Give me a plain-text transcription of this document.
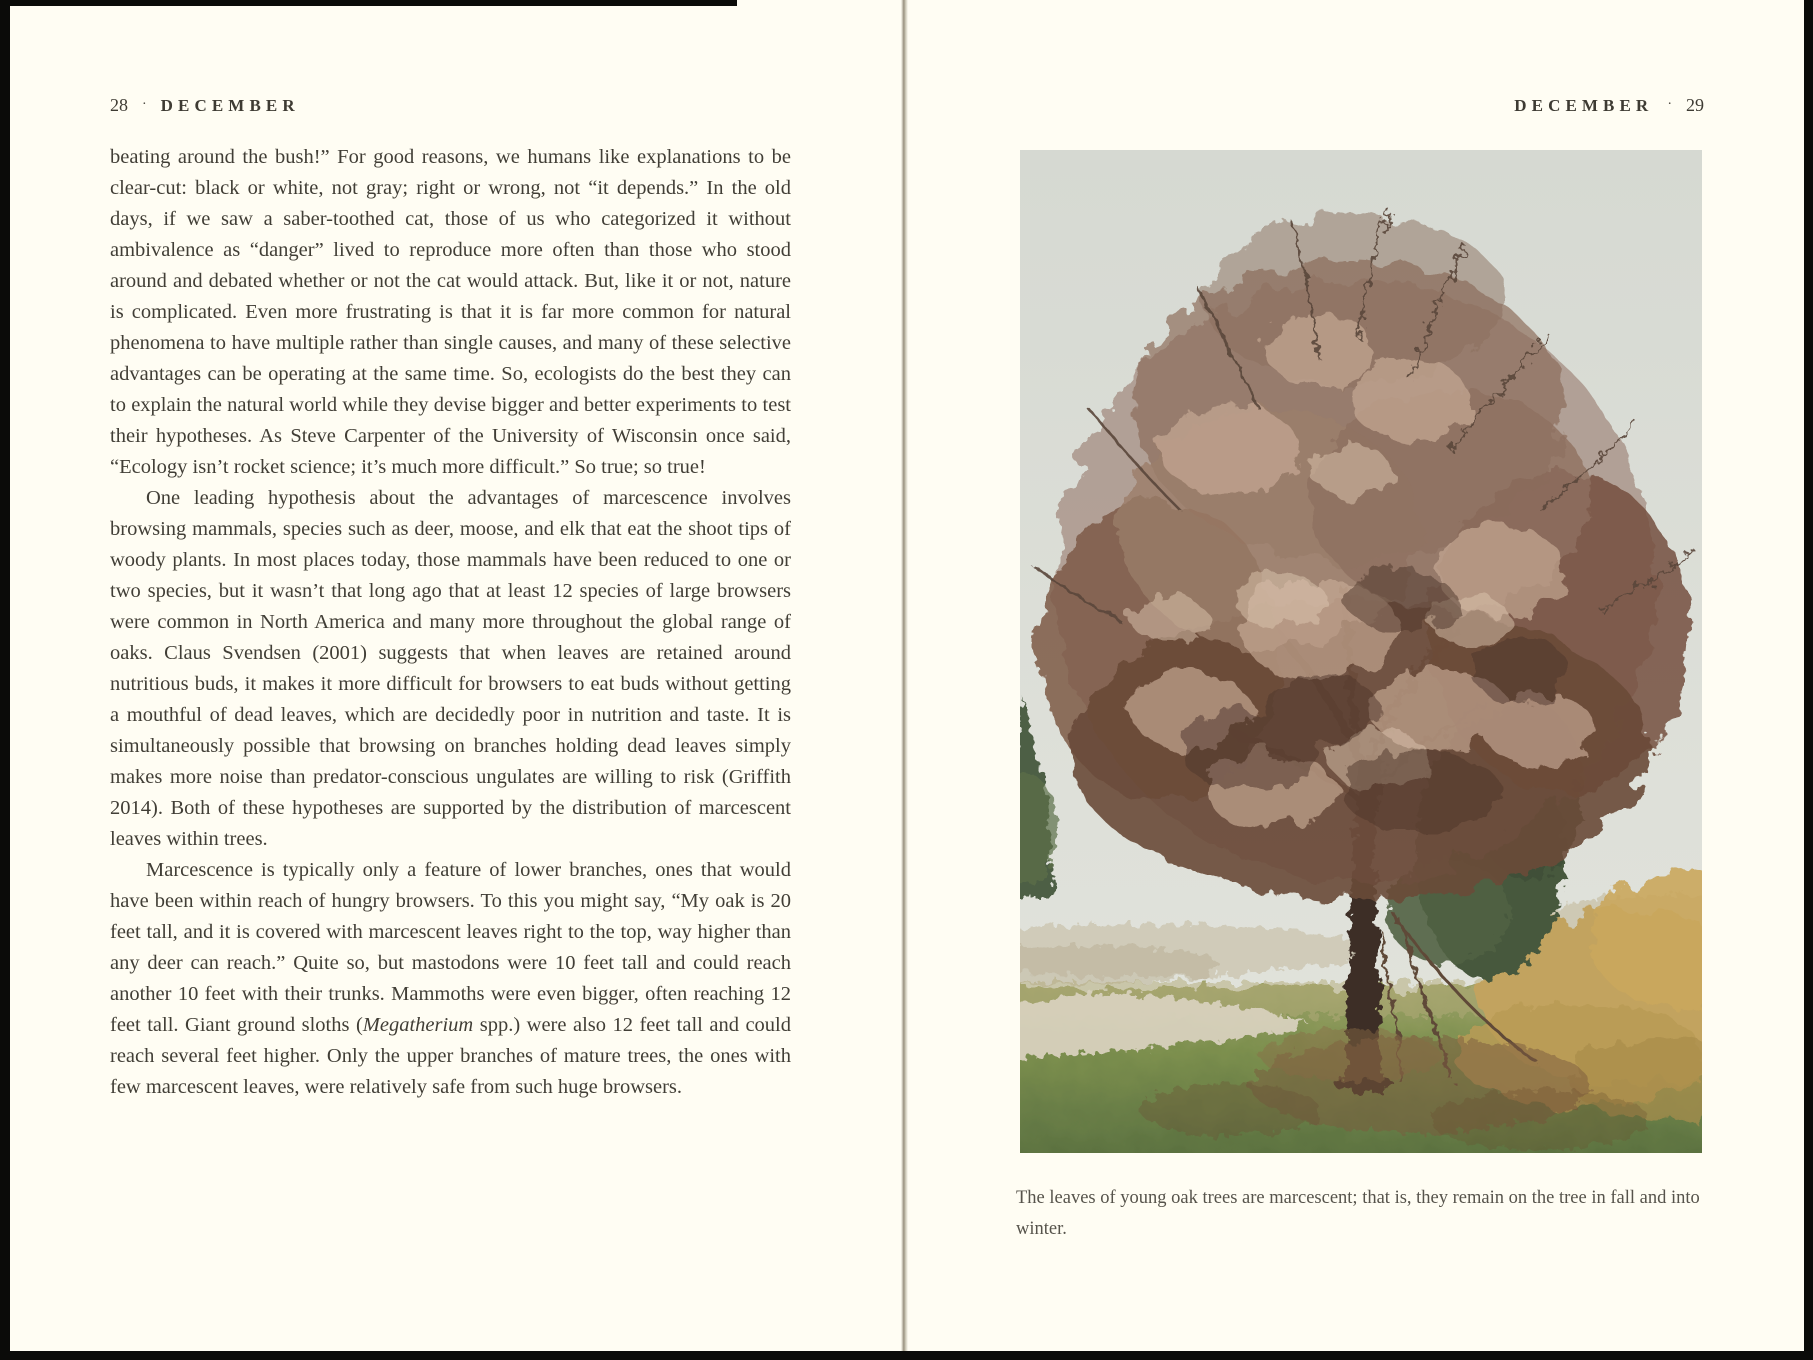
28 · DECEMBER

beating around the bush!” For good reasons, we humans like explanations to be clear-cut: black or white, not gray; right or wrong, not “it depends.” In the old days, if we saw a saber-toothed cat, those of us who categorized it without ambivalence as “danger” lived to reproduce more often than those who stood around and debated whether or not the cat would attack. But, like it or not, nature is complicated. Even more frustrating is that it is far more common for natural phenomena to have multiple rather than single causes, and many of these selective advantages can be operating at the same time. So, ecologists do the best they can to explain the natural world while they devise bigger and better experiments to test their hypotheses. As Steve Carpenter of the University of Wisconsin once said, “Ecology isn’t rocket science; it’s much more difficult.” So true; so true!

One leading hypothesis about the advantages of marcescence involves browsing mammals, species such as deer, moose, and elk that eat the shoot tips of woody plants. In most places today, those mammals have been reduced to one or two species, but it wasn’t that long ago that at least 12 species of large browsers were common in North America and many more throughout the global range of oaks. Claus Svendsen (2001) suggests that when leaves are retained around nutritious buds, it makes it more difficult for browsers to eat buds without getting a mouthful of dead leaves, which are decidedly poor in nutrition and taste. It is simultaneously possible that browsing on branches holding dead leaves simply makes more noise than predator-conscious ungulates are willing to risk (Griffith 2014). Both of these hypotheses are supported by the distribution of marcescent leaves within trees.

Marcescence is typically only a feature of lower branches, ones that would have been within reach of hungry browsers. To this you might say, “My oak is 20 feet tall, and it is covered with marcescent leaves right to the top, way higher than any deer can reach.” Quite so, but mastodons were 10 feet tall and could reach another 10 feet with their trunks. Mammoths were even bigger, often reaching 12 feet tall. Giant ground sloths (Megatherium spp.) were also 12 feet tall and could reach several feet higher. Only the upper branches of mature trees, the ones with few marcescent leaves, were relatively safe from such huge browsers.

DECEMBER · 29

The leaves of young oak trees are marcescent; that is, they remain on the tree in fall and into winter.
